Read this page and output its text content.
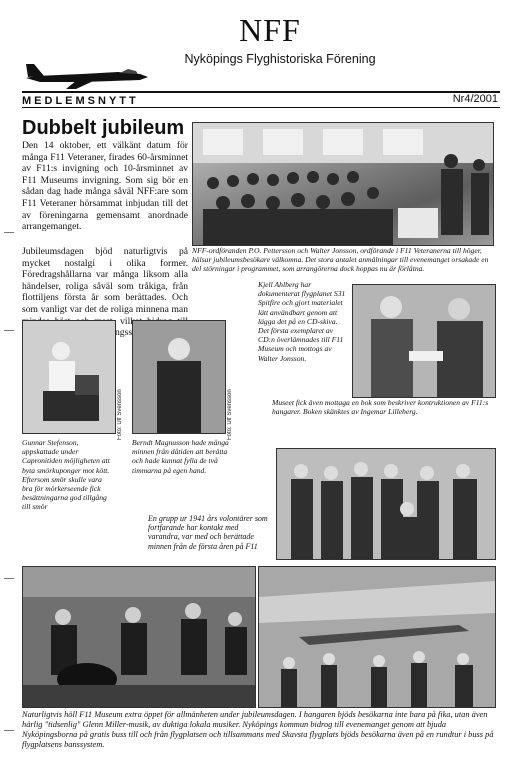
NFF
Nyköpings Flyghistoriska Förening
MEDLEMSNYTT	Nr4/2001
Dubbelt jubileum

Den 14 oktober, ett välkänt datum för många F11 Veteraner, firades 60-årsminnet av F11:s invigning och 10-årsminnet av F11 Museums invigning. Som sig bör en sådan dag hade många såväl NFF:are som F11 Veteraner hörsammat inbjudan till det av föreningarna gemensamt anordnade arrangemanget.

Jubileumsdagen bjöd naturligtvis på mycket nostalgi i olika former. Föredragshållarna var många liksom alla händelser, roliga såväl som tråkiga, från flottiljens första år som berättades. Och som vanligt var det de roliga minnena man

NFF-ordföranden P.O. Pettersson och Walter Jonsson, ordförande i F11 Veteranerna till höger, hälsar jubileumsbesökare välkomna. Det stora antalet anmälningar till evenemanget orsakade en del störningar i programmet, som arrangörerna dock hoppas nu är förlåtna.
Kjell Ahlberg har dokumenterat flygplanet S31 Spitfire och gjort materialet lätt användbart genom att lägga det på en CD-skiva. Det första exemplaret av CD:n överlämnades till F11 Museum och mottogs av Walter Jonsson.
Museet fick även mottaga en bok som beskriver kontruktionen av F11:s hangarer. Boken skänktes av Ingemar Lilleberg.
Foto: Ulf Svensson	Foto: Ulf Svensson
Gunnar Stefenson, uppskattade under Capronitiden möjligheten att byta smörkuponger mot kött. Eftersom smör skulle vara bra för mörkerseende fick besättningarna god tillgång till smör
Berndt Magnusson hade många minnen från dåtiden att berätta och hade kunnat fylla de två timmarna på egen hand.
En grupp ur 1941 års volontärer som fortfarande har kontakt med varandra, var med och berättade minnen från de första åren på F11
Naturligtvis höll F11 Museum extra öppet för allmänheten under jubileumsdagen. I hangaren bjöds besökarna inte bara på fika, utan även härlig "tidsenlig" Glenn Miller-musik, av duktiga lokala musiker. Nyköpings kommun bidrog till evenemanget genom att bjuda Nyköpingsborna på gratis buss till och från flygplatsen och tillsammans med Skavsta flygplats bjöds besökarna även på en rundtur i buss på flygplatsens banssystem.
